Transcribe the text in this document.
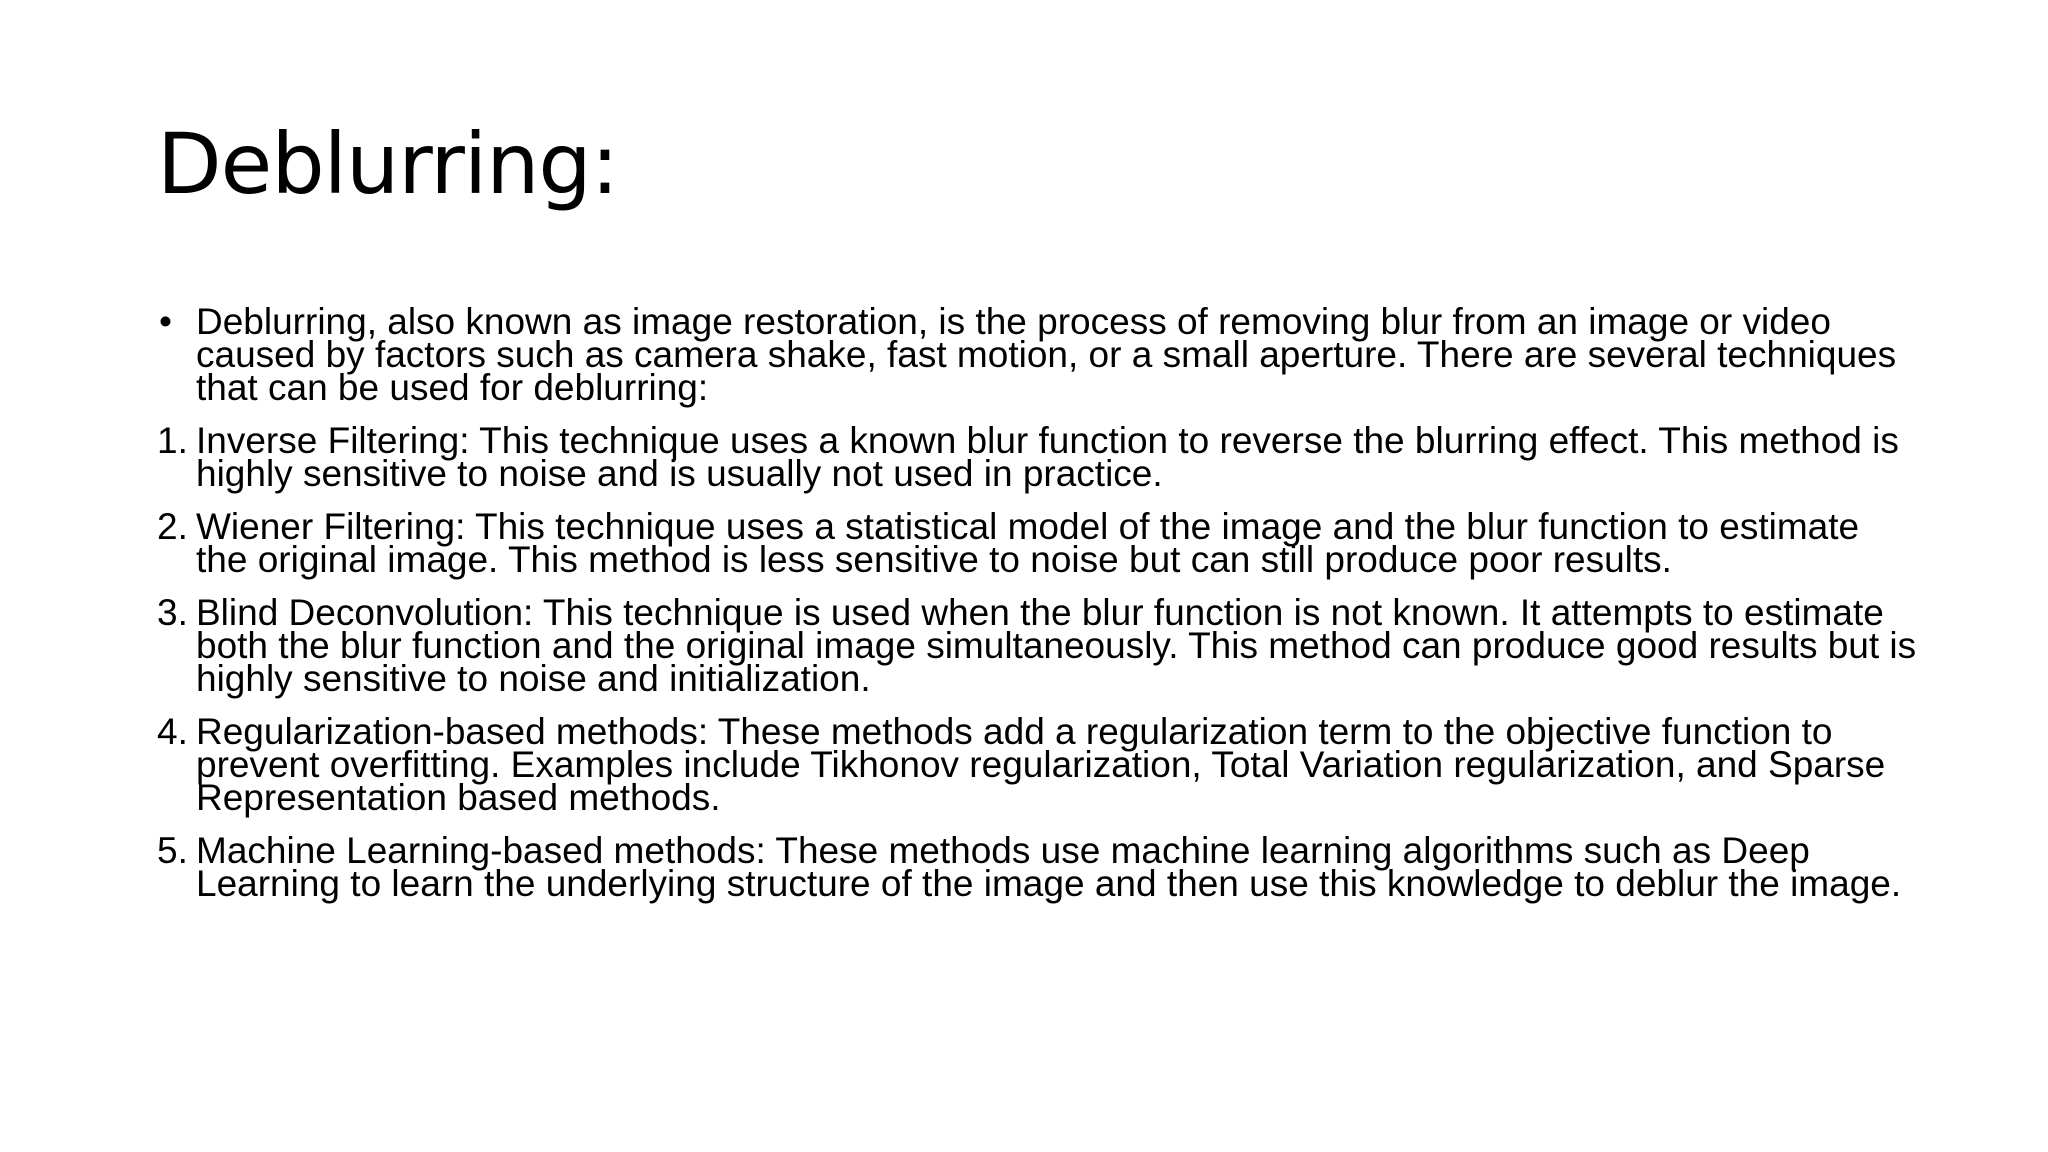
Deblurring:

• Deblurring, also known as image restoration, is the process of removing blur from an image or video caused by factors such as camera shake, fast motion, or a small aperture. There are several techniques that can be used for deblurring:

1. Inverse Filtering: This technique uses a known blur function to reverse the blurring effect. This method is highly sensitive to noise and is usually not used in practice.

2. Wiener Filtering: This technique uses a statistical model of the image and the blur function to estimate the original image. This method is less sensitive to noise but can still produce poor results.

3. Blind Deconvolution: This technique is used when the blur function is not known. It attempts to estimate both the blur function and the original image simultaneously. This method can produce good results but is highly sensitive to noise and initialization.

4. Regularization-based methods: These methods add a regularization term to the objective function to prevent overfitting. Examples include Tikhonov regularization, Total Variation regularization, and Sparse Representation based methods.

5. Machine Learning-based methods: These methods use machine learning algorithms such as Deep Learning to learn the underlying structure of the image and then use this knowledge to deblur the image.
